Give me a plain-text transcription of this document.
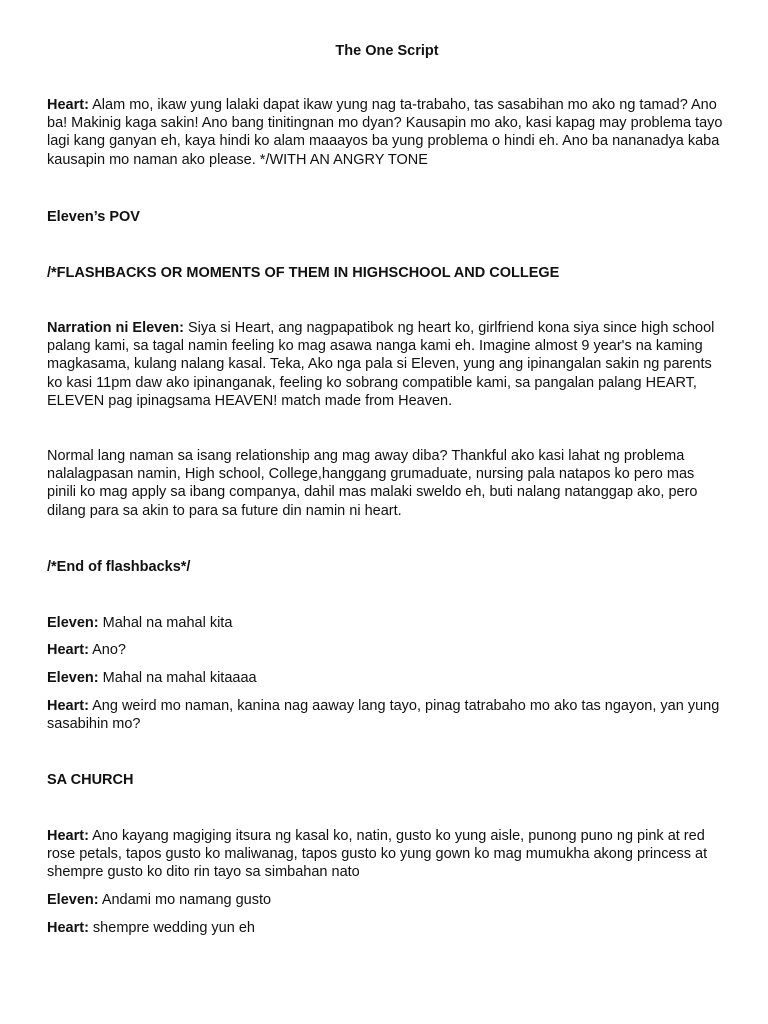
The One Script

Heart: Alam mo, ikaw yung lalaki dapat ikaw yung nag ta-trabaho, tas sasabihan mo ako ng tamad? Ano ba! Makinig kaga sakin! Ano bang tinitingnan mo dyan? Kausapin mo ako, kasi kapag may problema tayo lagi kang ganyan eh, kaya hindi ko alam maaayos ba yung problema o hindi eh. Ano ba nananadya kaba kausapin mo naman ako please. */WITH AN ANGRY TONE

Eleven’s POV

/*FLASHBACKS OR MOMENTS OF THEM IN HIGHSCHOOL AND COLLEGE

Narration ni Eleven: Siya si Heart, ang nagpapatibok ng heart ko, girlfriend kona siya since high school palang kami, sa tagal namin feeling ko mag asawa nanga kami eh. Imagine almost 9 year's na kaming magkasama, kulang nalang kasal. Teka, Ako nga pala si Eleven, yung ang ipinangalan sakin ng parents ko kasi 11pm daw ako ipinanganak, feeling ko sobrang compatible kami, sa pangalan palang HEART, ELEVEN pag ipinagsama HEAVEN! match made from Heaven.

Normal lang naman sa isang relationship ang mag away diba? Thankful ako kasi lahat ng problema nalalagpasan namin, High school, College,hanggang grumaduate, nursing pala natapos ko pero mas pinili ko mag apply sa ibang companya, dahil mas malaki sweldo eh, buti nalang natanggap ako, pero dilang para sa akin to para sa future din namin ni heart.

/*End of flashbacks*/

Eleven: Mahal na mahal kita

Heart: Ano?

Eleven: Mahal na mahal kitaaaa

Heart: Ang weird mo naman, kanina nag aaway lang tayo, pinag tatrabaho mo ako tas ngayon, yan yung sasabihin mo?

SA CHURCH

Heart: Ano kayang magiging itsura ng kasal ko, natin, gusto ko yung aisle, punong puno ng pink at red rose petals, tapos gusto ko maliwanag, tapos gusto ko yung gown ko mag mumukha akong princess at shempre gusto ko dito rin tayo sa simbahan nato

Eleven: Andami mo namang gusto

Heart: shempre wedding yun eh
